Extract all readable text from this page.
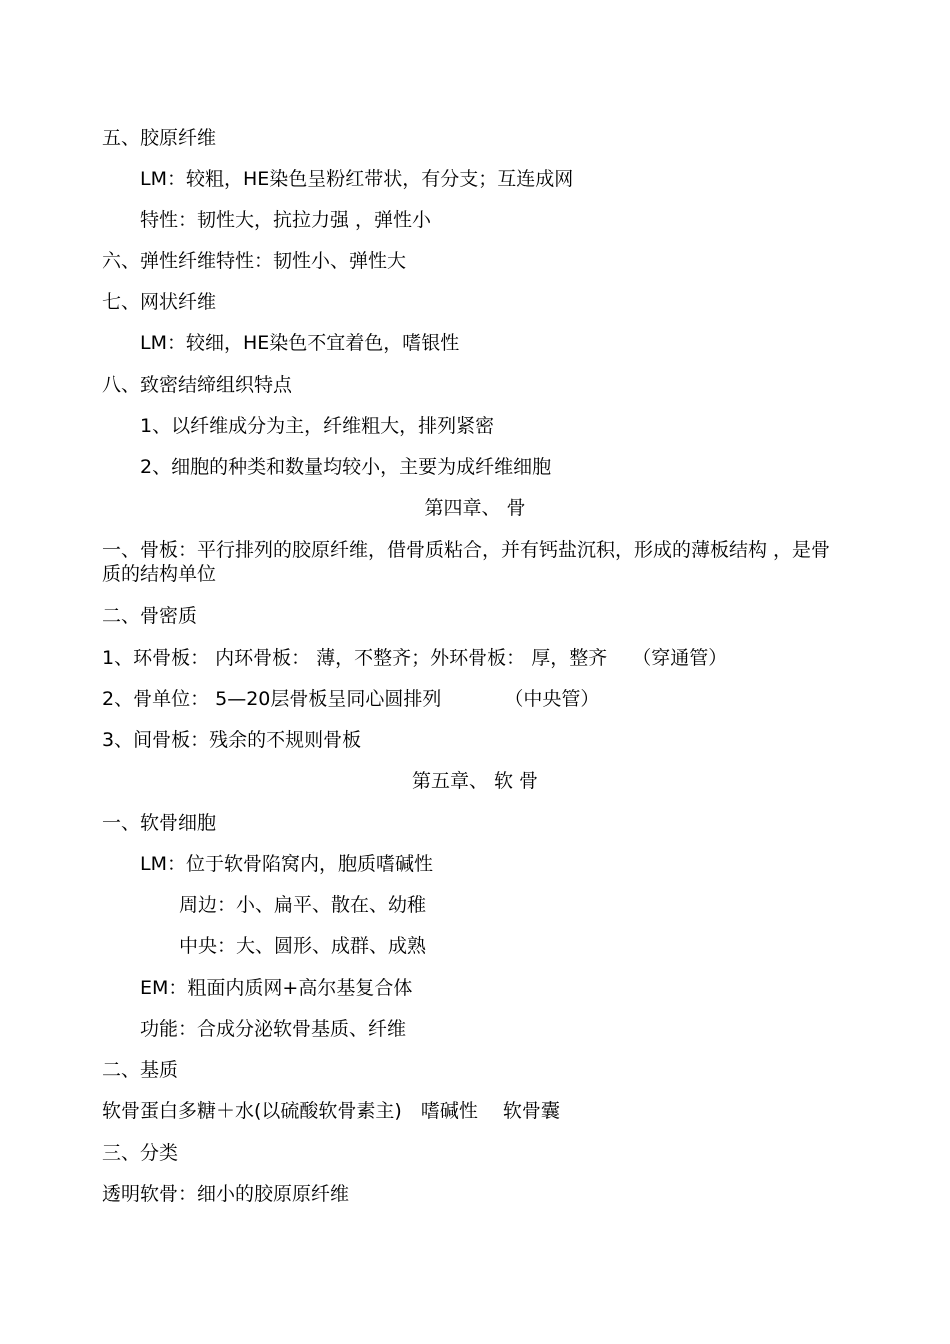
五、胶原纤维
LM：较粗，HE染色呈粉红带状，有分支；互连成网
特性：韧性大，抗拉力强 ，弹性小
六、弹性纤维特性：韧性小、弹性大
七、网状纤维
LM：较细，HE染色不宜着色，嗜银性
八、致密结缔组织特点
1、以纤维成分为主，纤维粗大，排列紧密
2、细胞的种类和数量均较小，主要为成纤维细胞
第四章、 骨
一、骨板：平行排列的胶原纤维，借骨质粘合，并有钙盐沉积，形成的薄板结构 ，是骨质的结构单位
二、骨密质
1、环骨板： 内环骨板： 薄，不整齐；外环骨板： 厚，整齐　 （穿通管）
2、骨单位： 5—20层骨板呈同心圆排列　　　 （中央管）
3、间骨板：残余的不规则骨板
第五章、 软 骨
一、软骨细胞
LM：位于软骨陷窝内，胞质嗜碱性
周边：小、扁平、散在、幼稚
中央：大、圆形、成群、成熟
EM：粗面内质网+高尔基复合体
功能：合成分泌软骨基质、纤维
二、基质
软骨蛋白多糖＋水(以硫酸软骨素主)　嗜碱性　 软骨囊
三、分类
透明软骨：细小的胶原原纤维
